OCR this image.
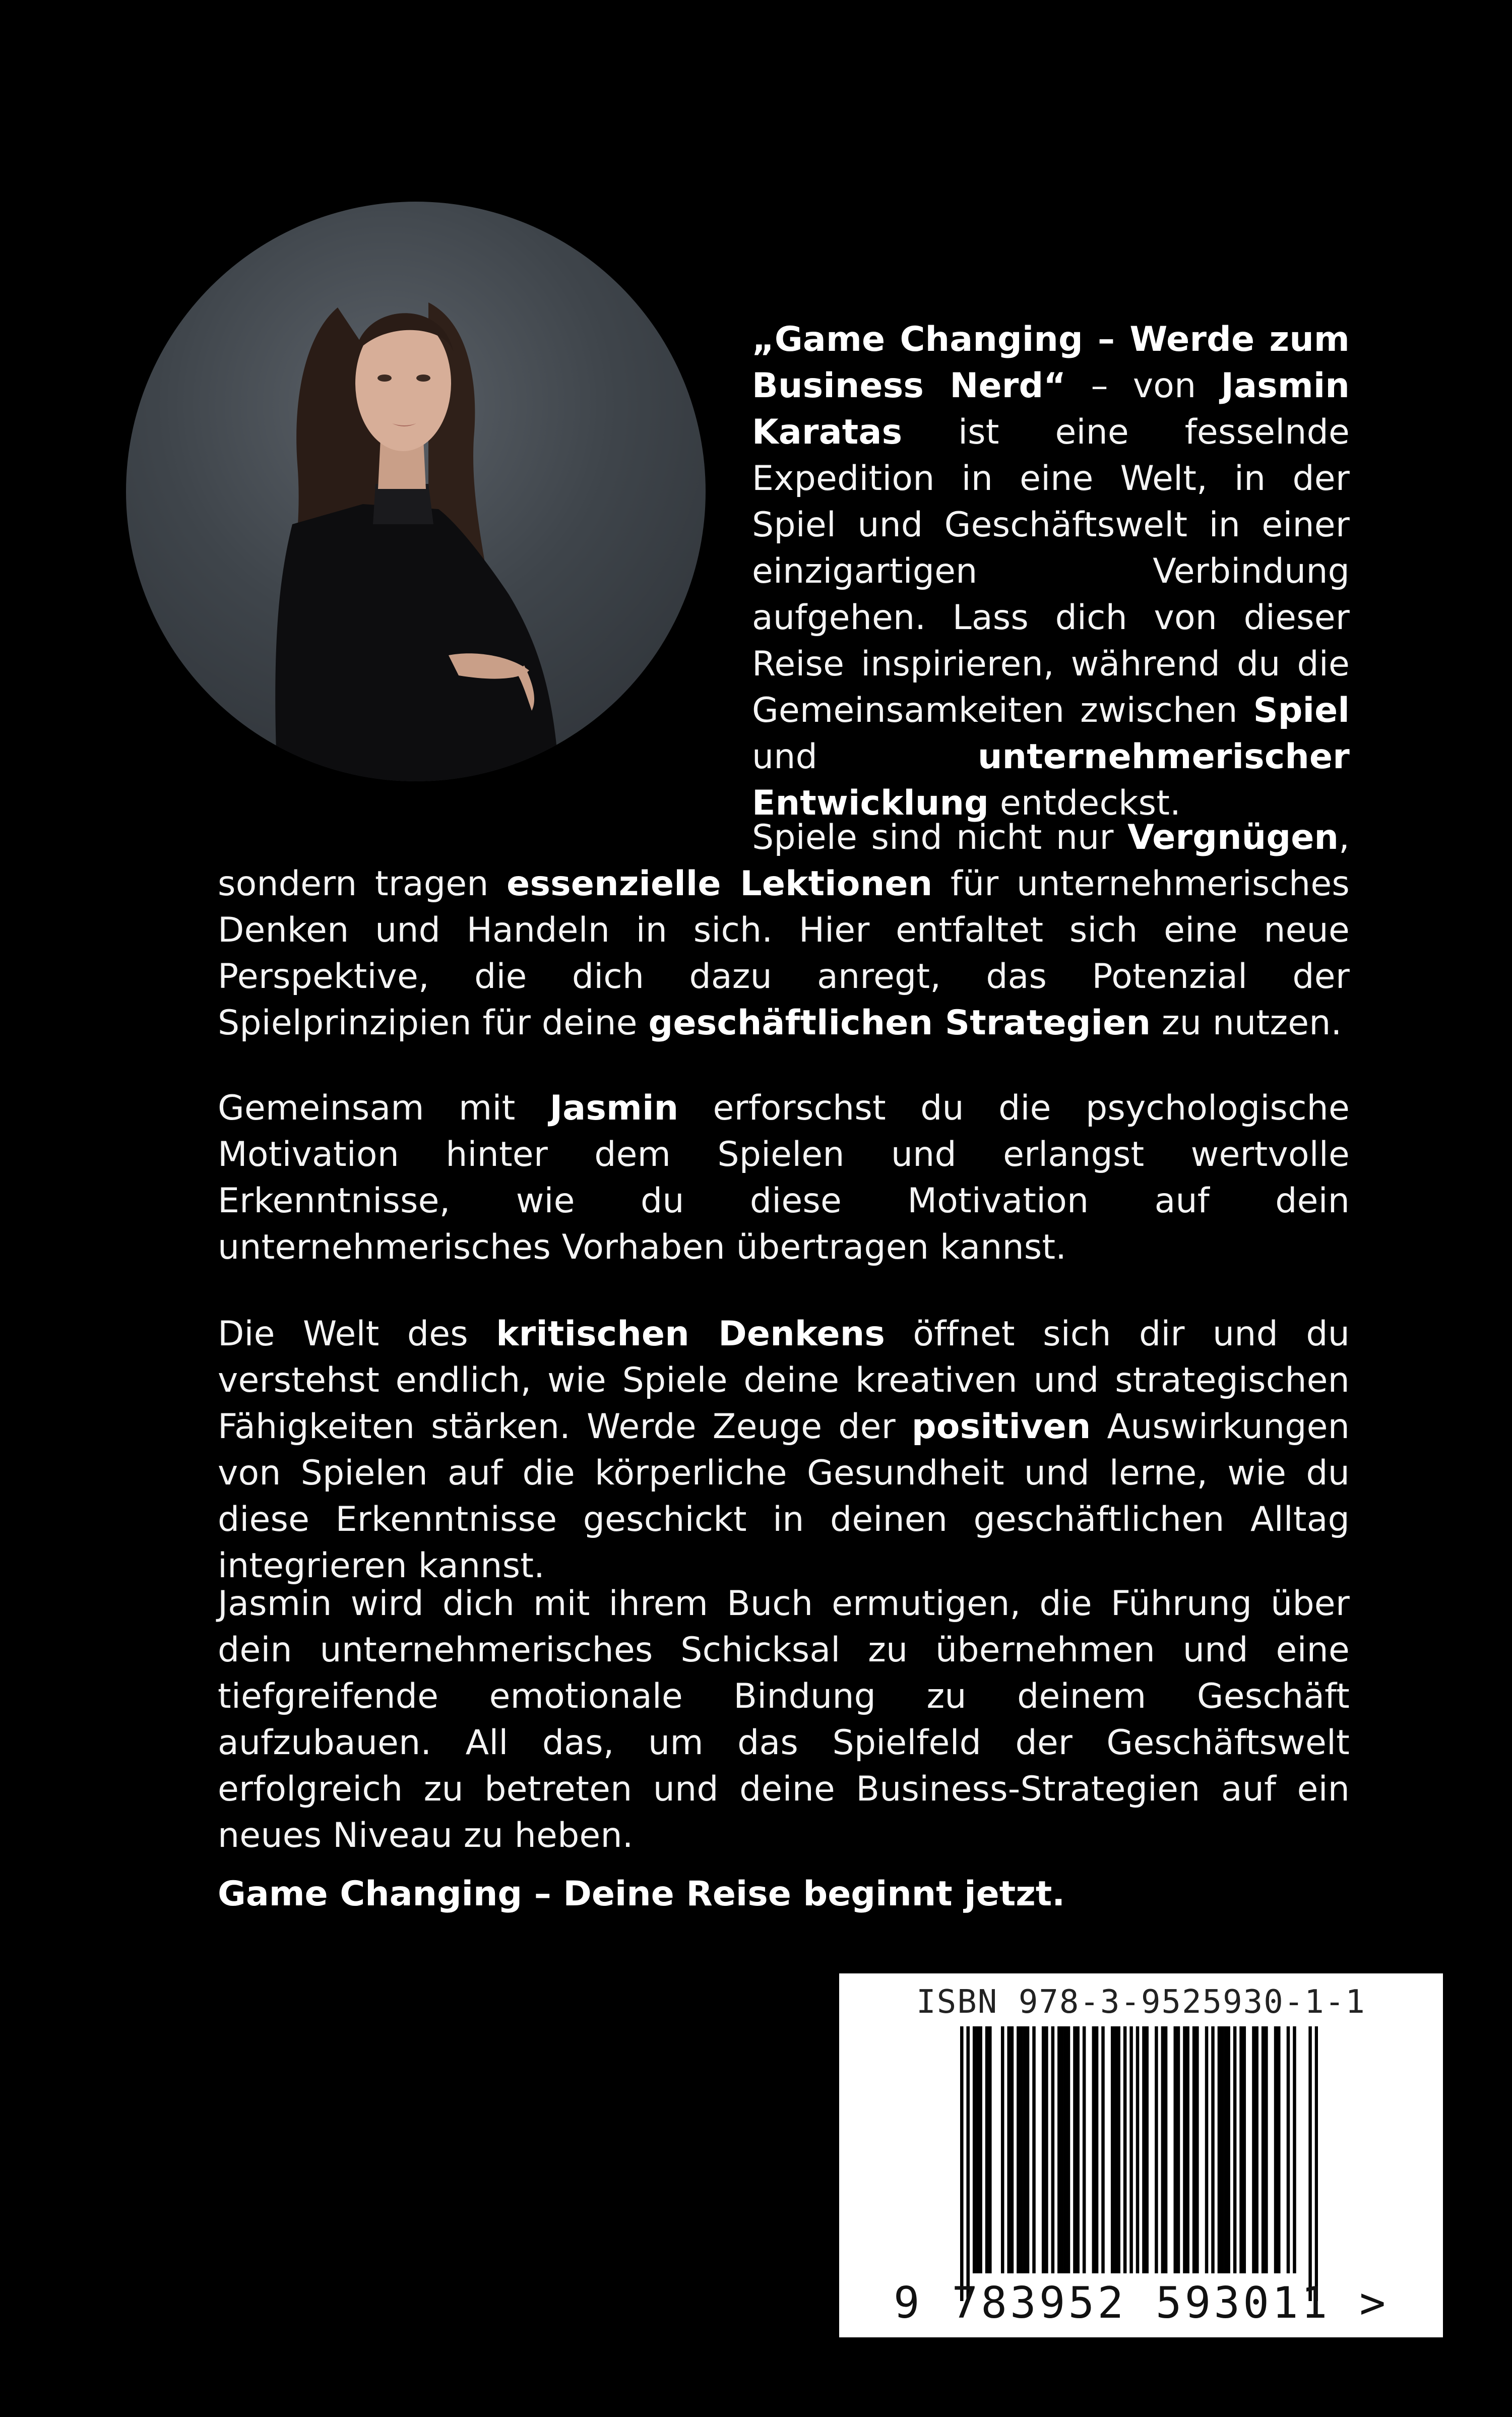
„Game Changing – Werde zum Business Nerd“ – von Jasmin Karatas ist eine fesselnde Expedition in eine Welt, in der Spiel und Geschäftswelt in einer einzigartigen Verbindung aufgehen. Lass dich von dieser Reise inspirieren, während du die Gemeinsamkeiten zwischen Spiel und unternehmerischer Entwicklung entdeckst.

Spiele sind nicht nur Vergnügen, sondern tragen essenzielle Lektionen für unternehmerisches Denken und Handeln in sich. Hier entfaltet sich eine neue Perspektive, die dich dazu anregt, das Potenzial der Spielprinzipien für deine geschäftlichen Strategien zu nutzen.

Gemeinsam mit Jasmin erforschst du die psychologische Motivation hinter dem Spielen und erlangst wertvolle Erkenntnisse, wie du diese Motivation auf dein unternehmerisches Vorhaben übertragen kannst.

Die Welt des kritischen Denkens öffnet sich dir und du verstehst endlich, wie Spiele deine kreativen und strategischen Fähigkeiten stärken. Werde Zeuge der positiven Auswirkungen von Spielen auf die körperliche Gesundheit und lerne, wie du diese Erkenntnisse geschickt in deinen geschäftlichen Alltag integrieren kannst.

Jasmin wird dich mit ihrem Buch ermutigen, die Führung über dein unternehmerisches Schicksal zu übernehmen und eine tiefgreifende emotionale Bindung zu deinem Geschäft aufzubauen. All das, um das Spielfeld der Geschäftswelt erfolgreich zu betreten und deine Business-Strategien auf ein neues Niveau zu heben.

Game Changing – Deine Reise beginnt jetzt.
ISBN 978-3-9525930-1-1
9 783952 593011 >
